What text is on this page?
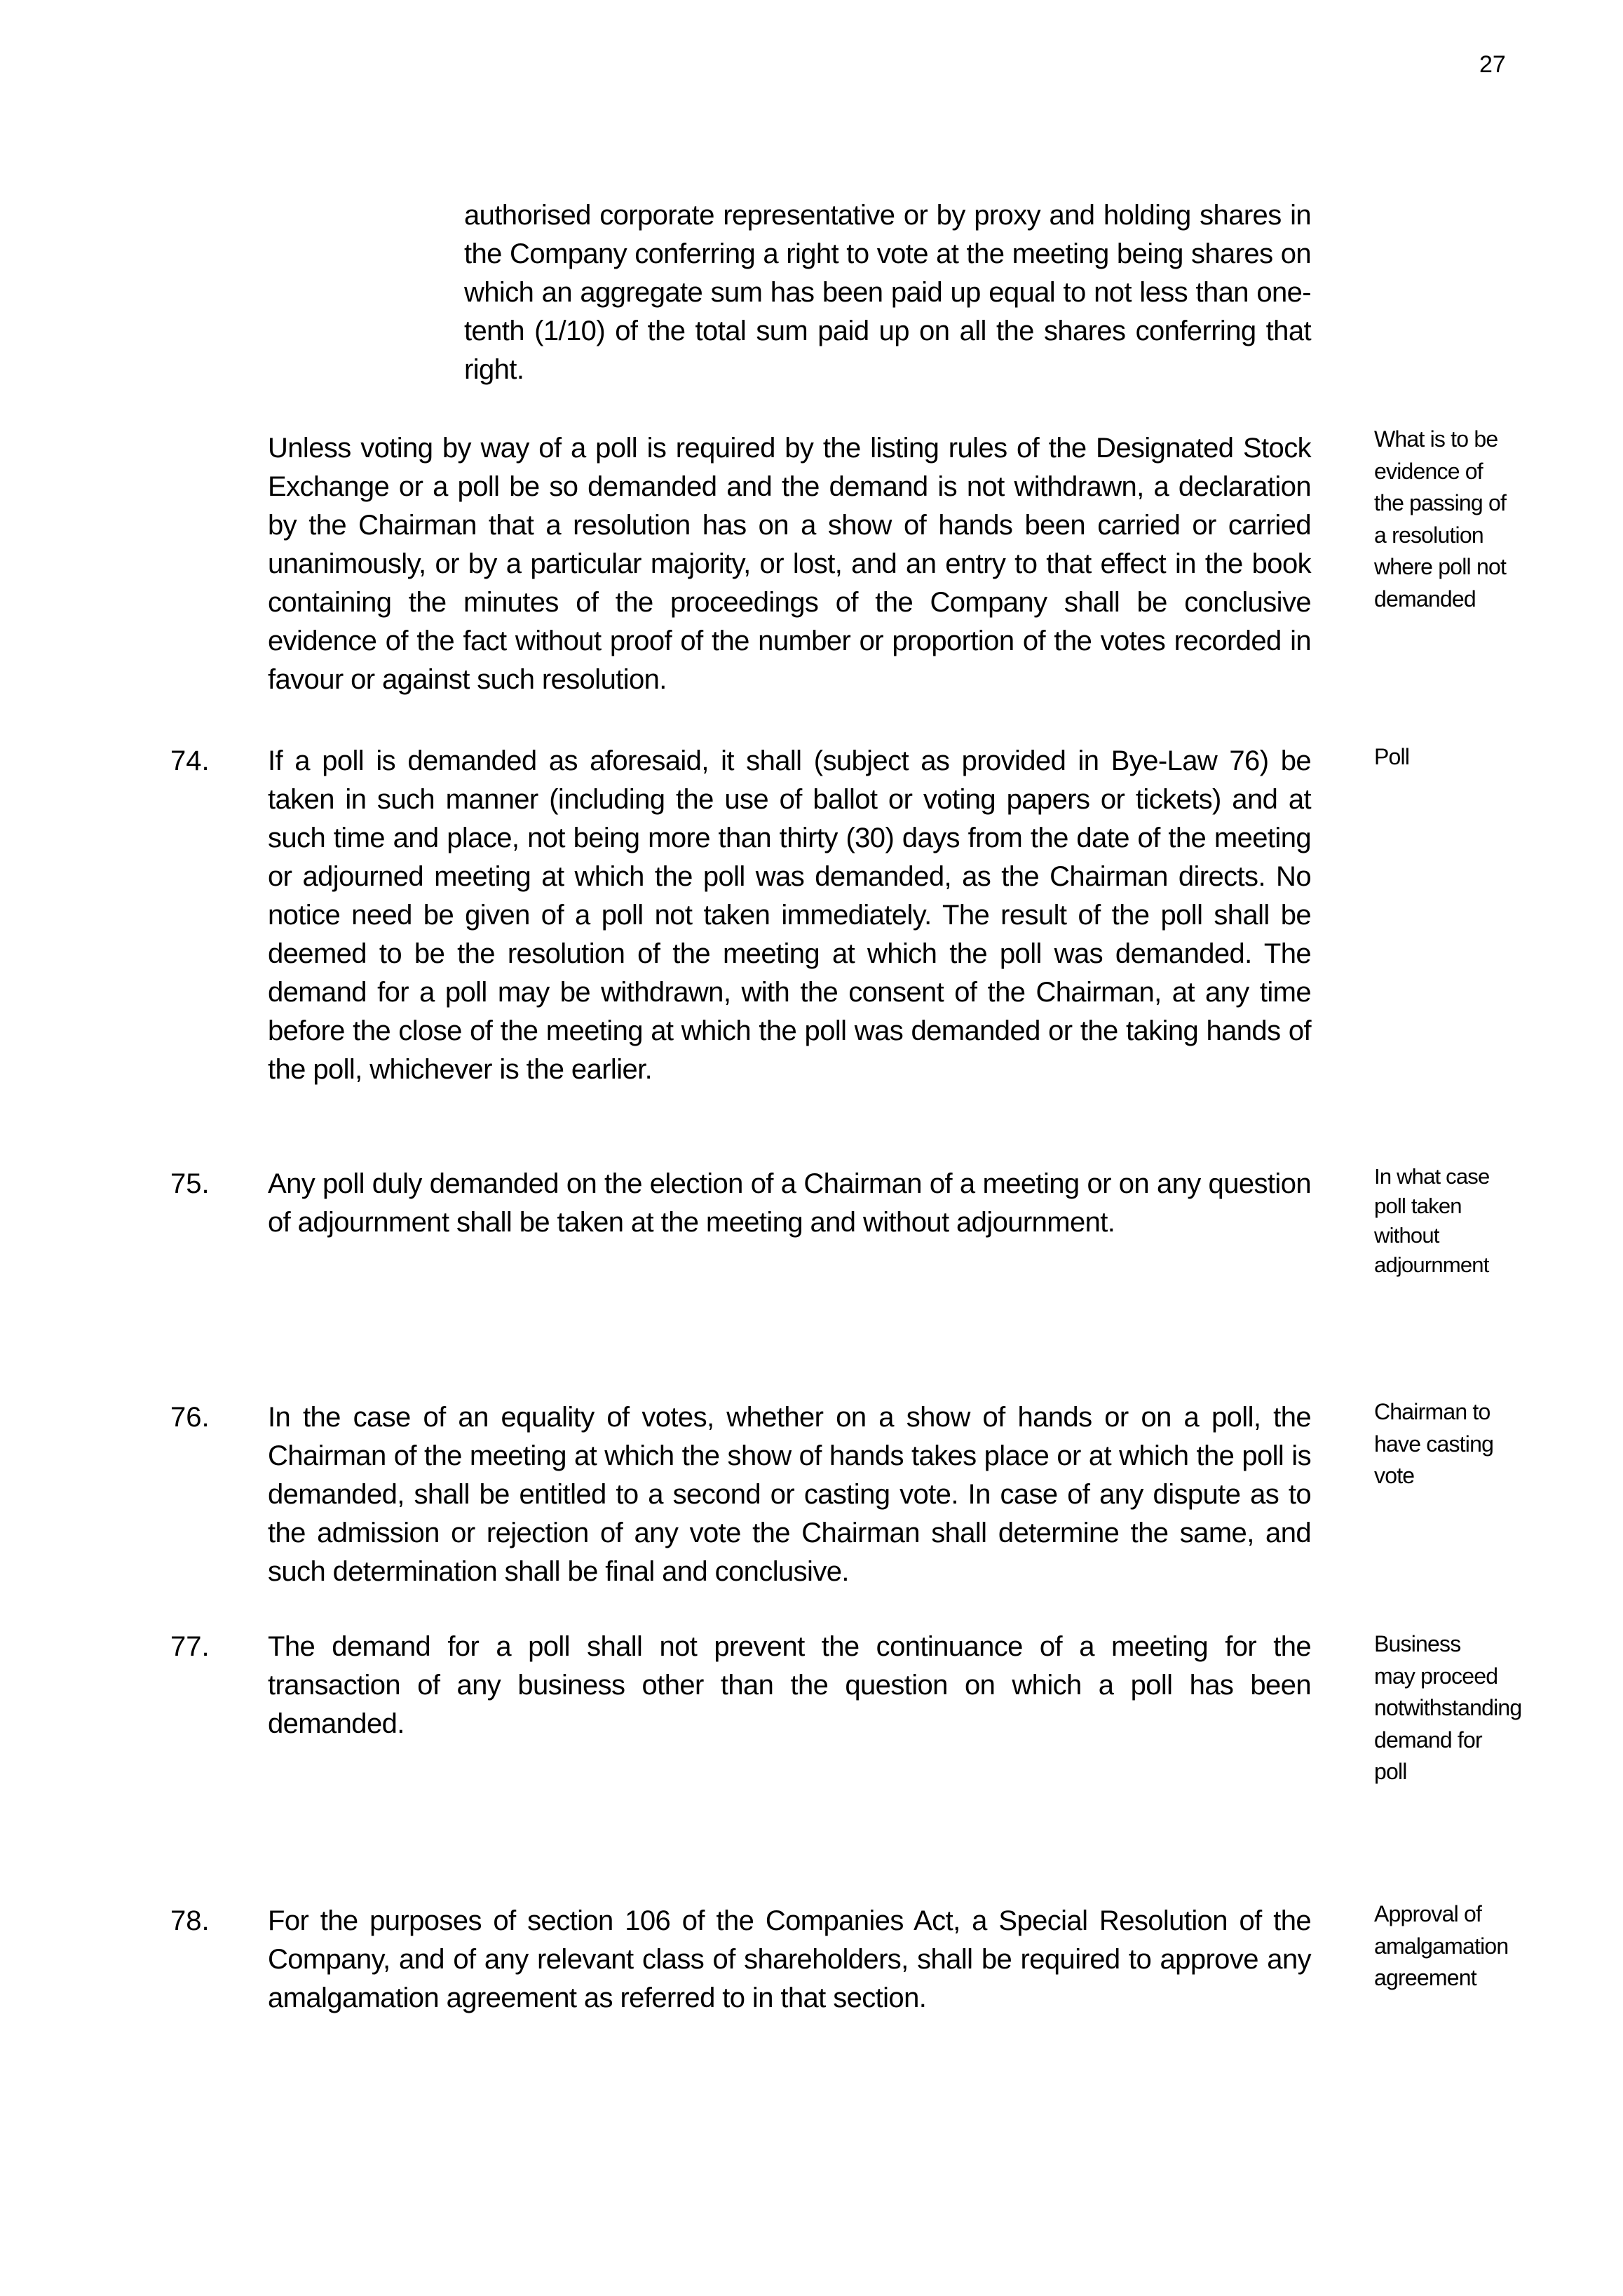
27

authorised corporate representative or by proxy and holding shares in the Company conferring a right to vote at the meeting being shares on which an aggregate sum has been paid up equal to not less than one-tenth (1/10) of the total sum paid up on all the shares conferring that right.

Unless voting by way of a poll is required by the listing rules of the Designated Stock Exchange or a poll be so demanded and the demand is not withdrawn, a declaration by the Chairman that a resolution has on a show of hands been carried or carried unanimously, or by a particular majority, or lost, and an entry to that effect in the book containing the minutes of the proceedings of the Company shall be conclusive evidence of the fact without proof of the number or proportion of the votes recorded in favour or against such resolution.

What is to be evidence of the passing of a resolution where poll not demanded

74. If a poll is demanded as aforesaid, it shall (subject as provided in Bye-Law 76) be taken in such manner (including the use of ballot or voting papers or tickets) and at such time and place, not being more than thirty (30) days from the date of the meeting or adjourned meeting at which the poll was demanded, as the Chairman directs. No notice need be given of a poll not taken immediately. The result of the poll shall be deemed to be the resolution of the meeting at which the poll was demanded. The demand for a poll may be withdrawn, with the consent of the Chairman, at any time before the close of the meeting at which the poll was demanded or the taking hands of the poll, whichever is the earlier.

Poll

75. Any poll duly demanded on the election of a Chairman of a meeting or on any question of adjournment shall be taken at the meeting and without adjournment.

In what case poll taken without adjournment

76. In the case of an equality of votes, whether on a show of hands or on a poll, the Chairman of the meeting at which the show of hands takes place or at which the poll is demanded, shall be entitled to a second or casting vote. In case of any dispute as to the admission or rejection of any vote the Chairman shall determine the same, and such determination shall be final and conclusive.

Chairman to have casting vote

77. The demand for a poll shall not prevent the continuance of a meeting for the transaction of any business other than the question on which a poll has been demanded.

Business may proceed notwithstanding demand for poll

78. For the purposes of section 106 of the Companies Act, a Special Resolution of the Company, and of any relevant class of shareholders, shall be required to approve any amalgamation agreement as referred to in that section.

Approval of amalgamation agreement
